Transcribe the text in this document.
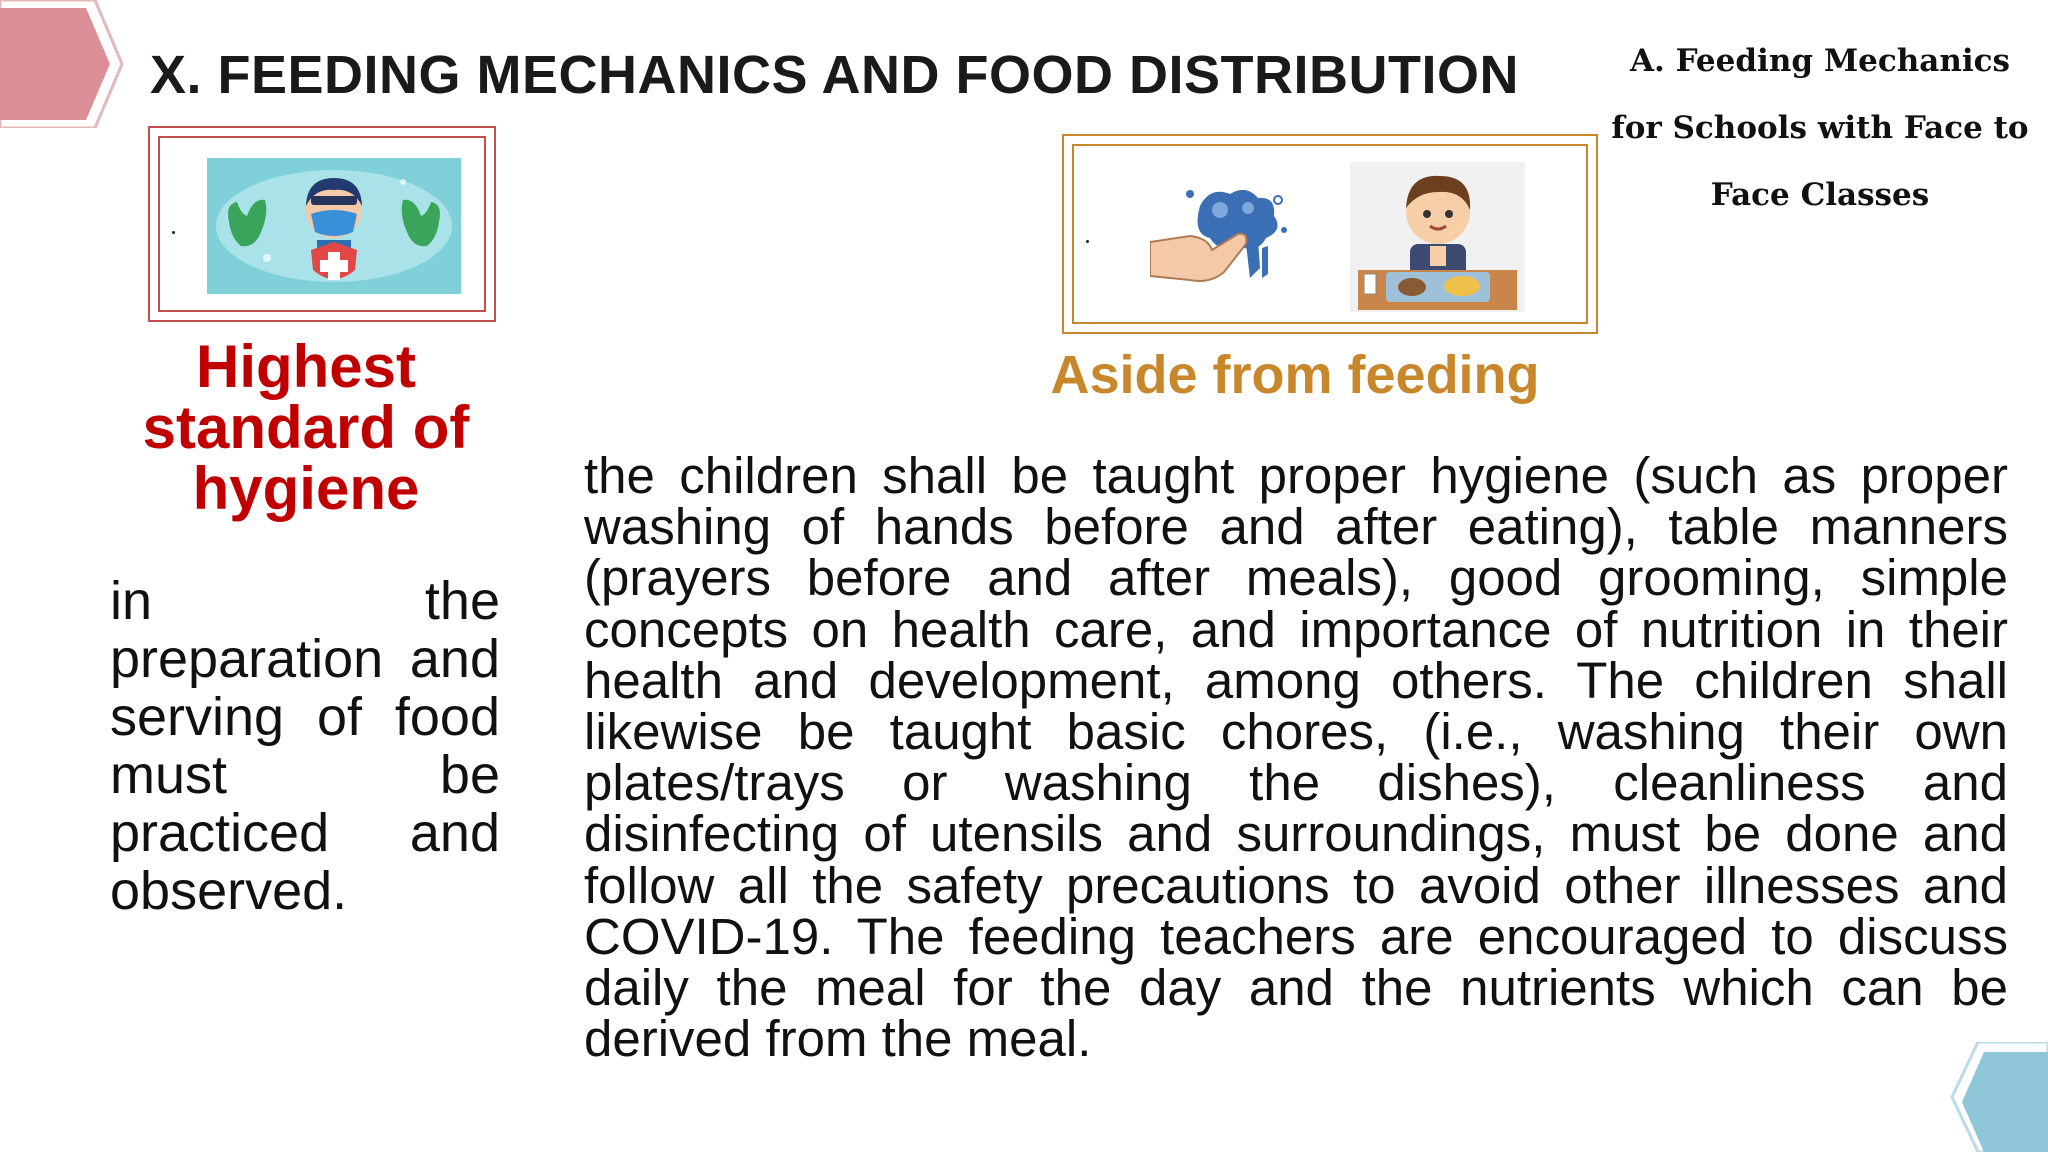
X. FEEDING MECHANICS AND FOOD DISTRIBUTION	A. Feeding Mechanics for Schools with Face to Face Classes
Highest standard of hygiene
in the preparation and serving of food must be practiced and observed.
Aside from feeding
the children shall be taught proper hygiene (such as proper washing of hands before and after eating), table manners (prayers before and after meals), good grooming, simple concepts on health care, and importance of nutrition in their health and development, among others. The children shall likewise be taught basic chores, (i.e., washing their own plates/trays or washing the dishes), cleanliness and disinfecting of utensils and surroundings, must be done and follow all the safety precautions to avoid other illnesses and COVID-19. The feeding teachers are encouraged to discuss daily the meal for the day and the nutrients which can be derived from the meal.
